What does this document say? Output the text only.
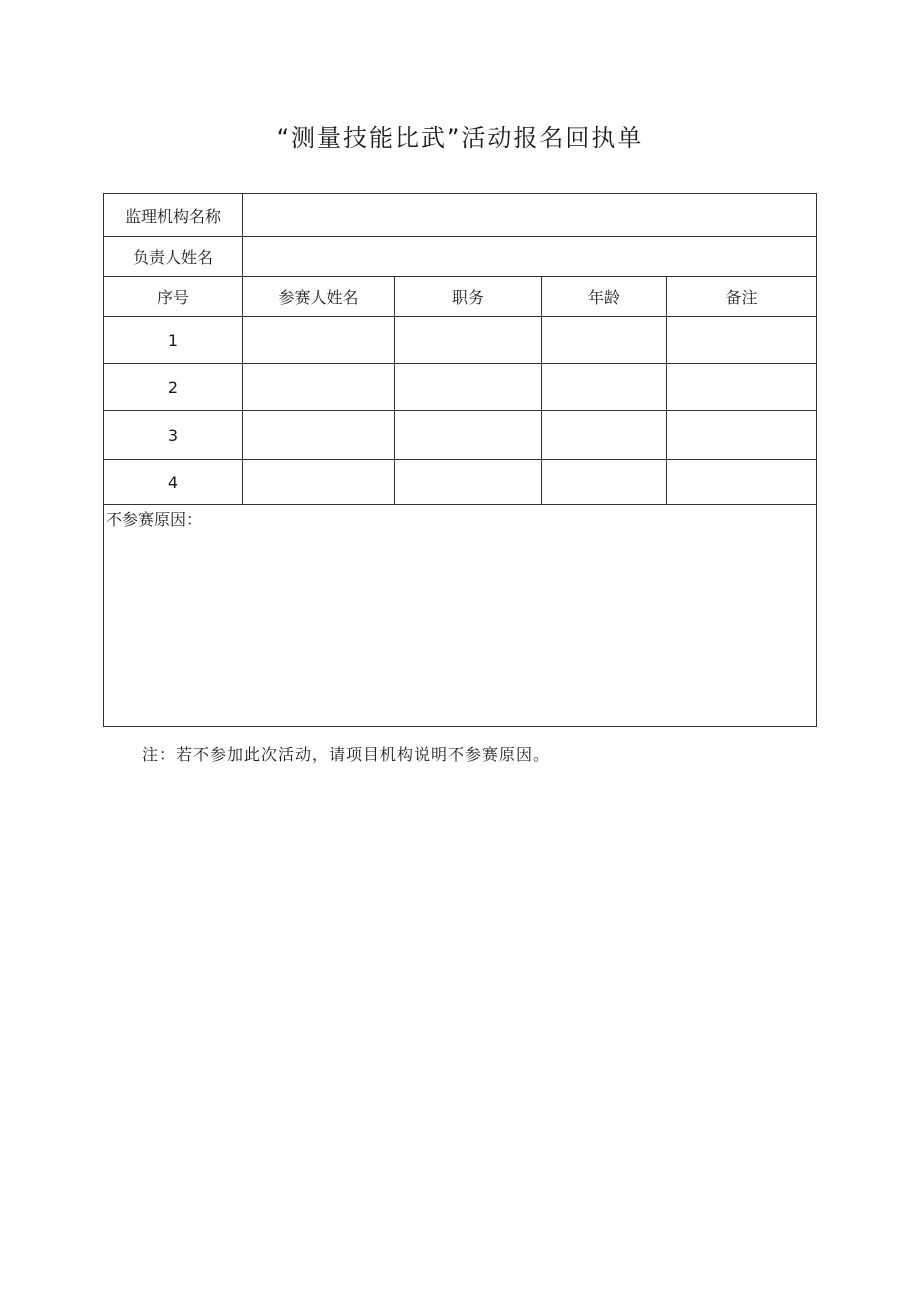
“测量技能比武”活动报名回执单
监理机构名称				
负责人姓名				
序号	参赛人姓名	职务	年龄	备注
1				
2				
3				
4				
不参赛原因：				
注：若不参加此次活动，请项目机构说明不参赛原因。
